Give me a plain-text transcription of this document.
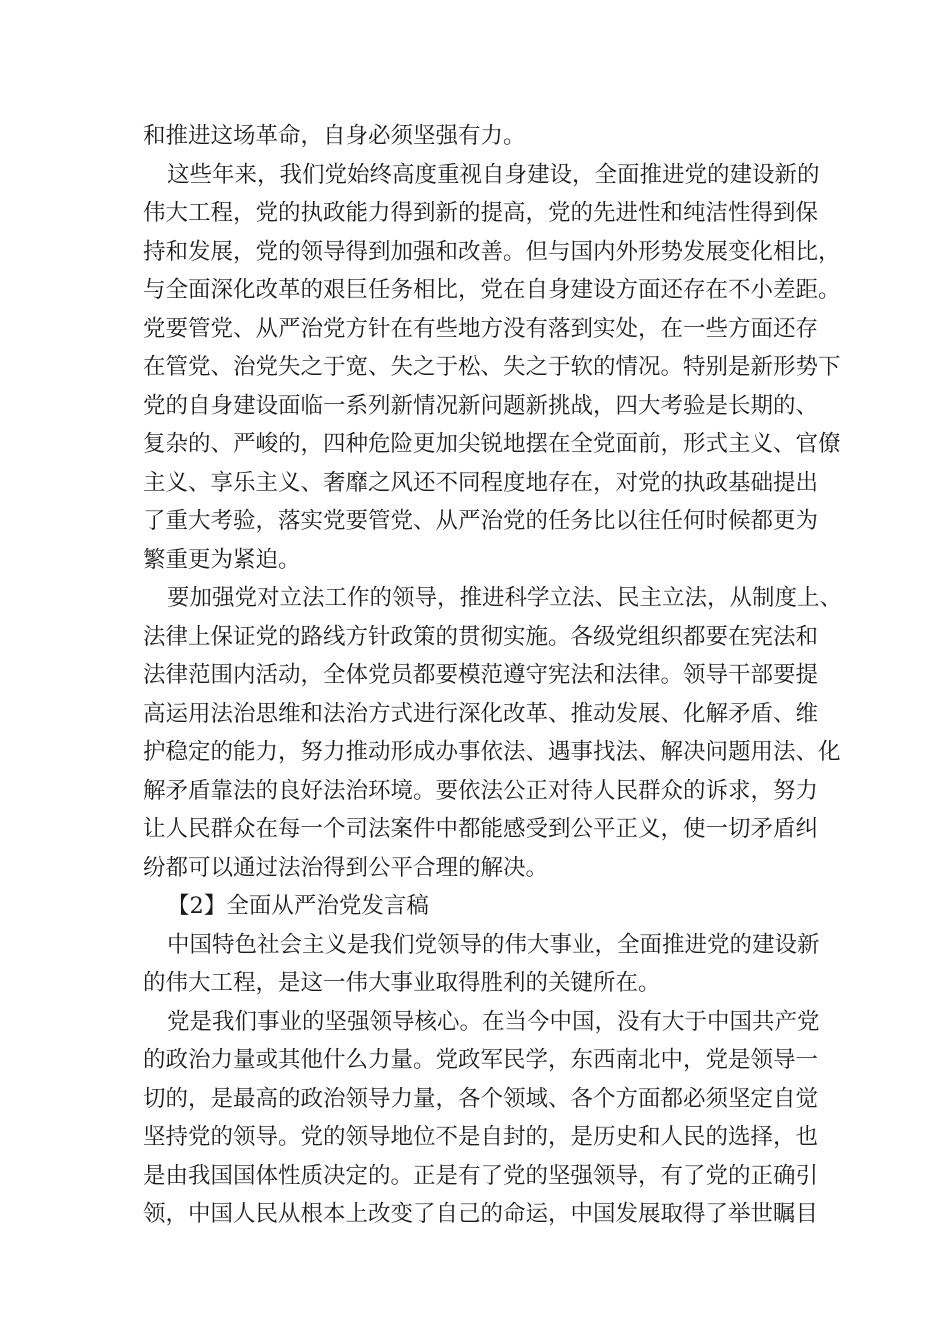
和推进这场革命，自身必须坚强有力。
这些年来，我们党始终高度重视自身建设，全面推进党的建设新的
伟大工程，党的执政能力得到新的提高，党的先进性和纯洁性得到保
持和发展，党的领导得到加强和改善。但与国内外形势发展变化相比，
与全面深化改革的艰巨任务相比，党在自身建设方面还存在不小差距。
党要管党、从严治党方针在有些地方没有落到实处，在一些方面还存
在管党、治党失之于宽、失之于松、失之于软的情况。特别是新形势下
党的自身建设面临一系列新情况新问题新挑战，四大考验是长期的、
复杂的、严峻的，四种危险更加尖锐地摆在全党面前，形式主义、官僚
主义、享乐主义、奢靡之风还不同程度地存在，对党的执政基础提出
了重大考验，落实党要管党、从严治党的任务比以往任何时候都更为
繁重更为紧迫。
要加强党对立法工作的领导，推进科学立法、民主立法，从制度上、
法律上保证党的路线方针政策的贯彻实施。各级党组织都要在宪法和
法律范围内活动，全体党员都要模范遵守宪法和法律。领导干部要提
高运用法治思维和法治方式进行深化改革、推动发展、化解矛盾、维
护稳定的能力，努力推动形成办事依法、遇事找法、解决问题用法、化
解矛盾靠法的良好法治环境。要依法公正对待人民群众的诉求，努力
让人民群众在每一个司法案件中都能感受到公平正义，使一切矛盾纠
纷都可以通过法治得到公平合理的解决。
【2】全面从严治党发言稿
中国特色社会主义是我们党领导的伟大事业，全面推进党的建设新
的伟大工程，是这一伟大事业取得胜利的关键所在。
党是我们事业的坚强领导核心。在当今中国，没有大于中国共产党
的政治力量或其他什么力量。党政军民学，东西南北中，党是领导一
切的，是最高的政治领导力量，各个领域、各个方面都必须坚定自觉
坚持党的领导。党的领导地位不是自封的，是历史和人民的选择，也
是由我国国体性质决定的。正是有了党的坚强领导，有了党的正确引
领，中国人民从根本上改变了自己的命运，中国发展取得了举世瞩目
